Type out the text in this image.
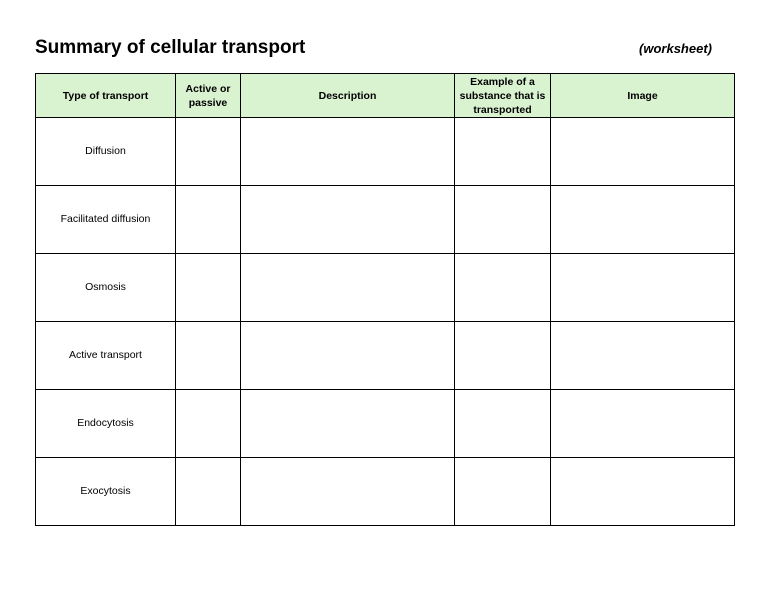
Summary of cellular transport	(worksheet)
Type of transport	Active or passive	Description	Example of a substance that is transported	Image
Diffusion				
Facilitated diffusion				
Osmosis				
Active transport				
Endocytosis				
Exocytosis				
